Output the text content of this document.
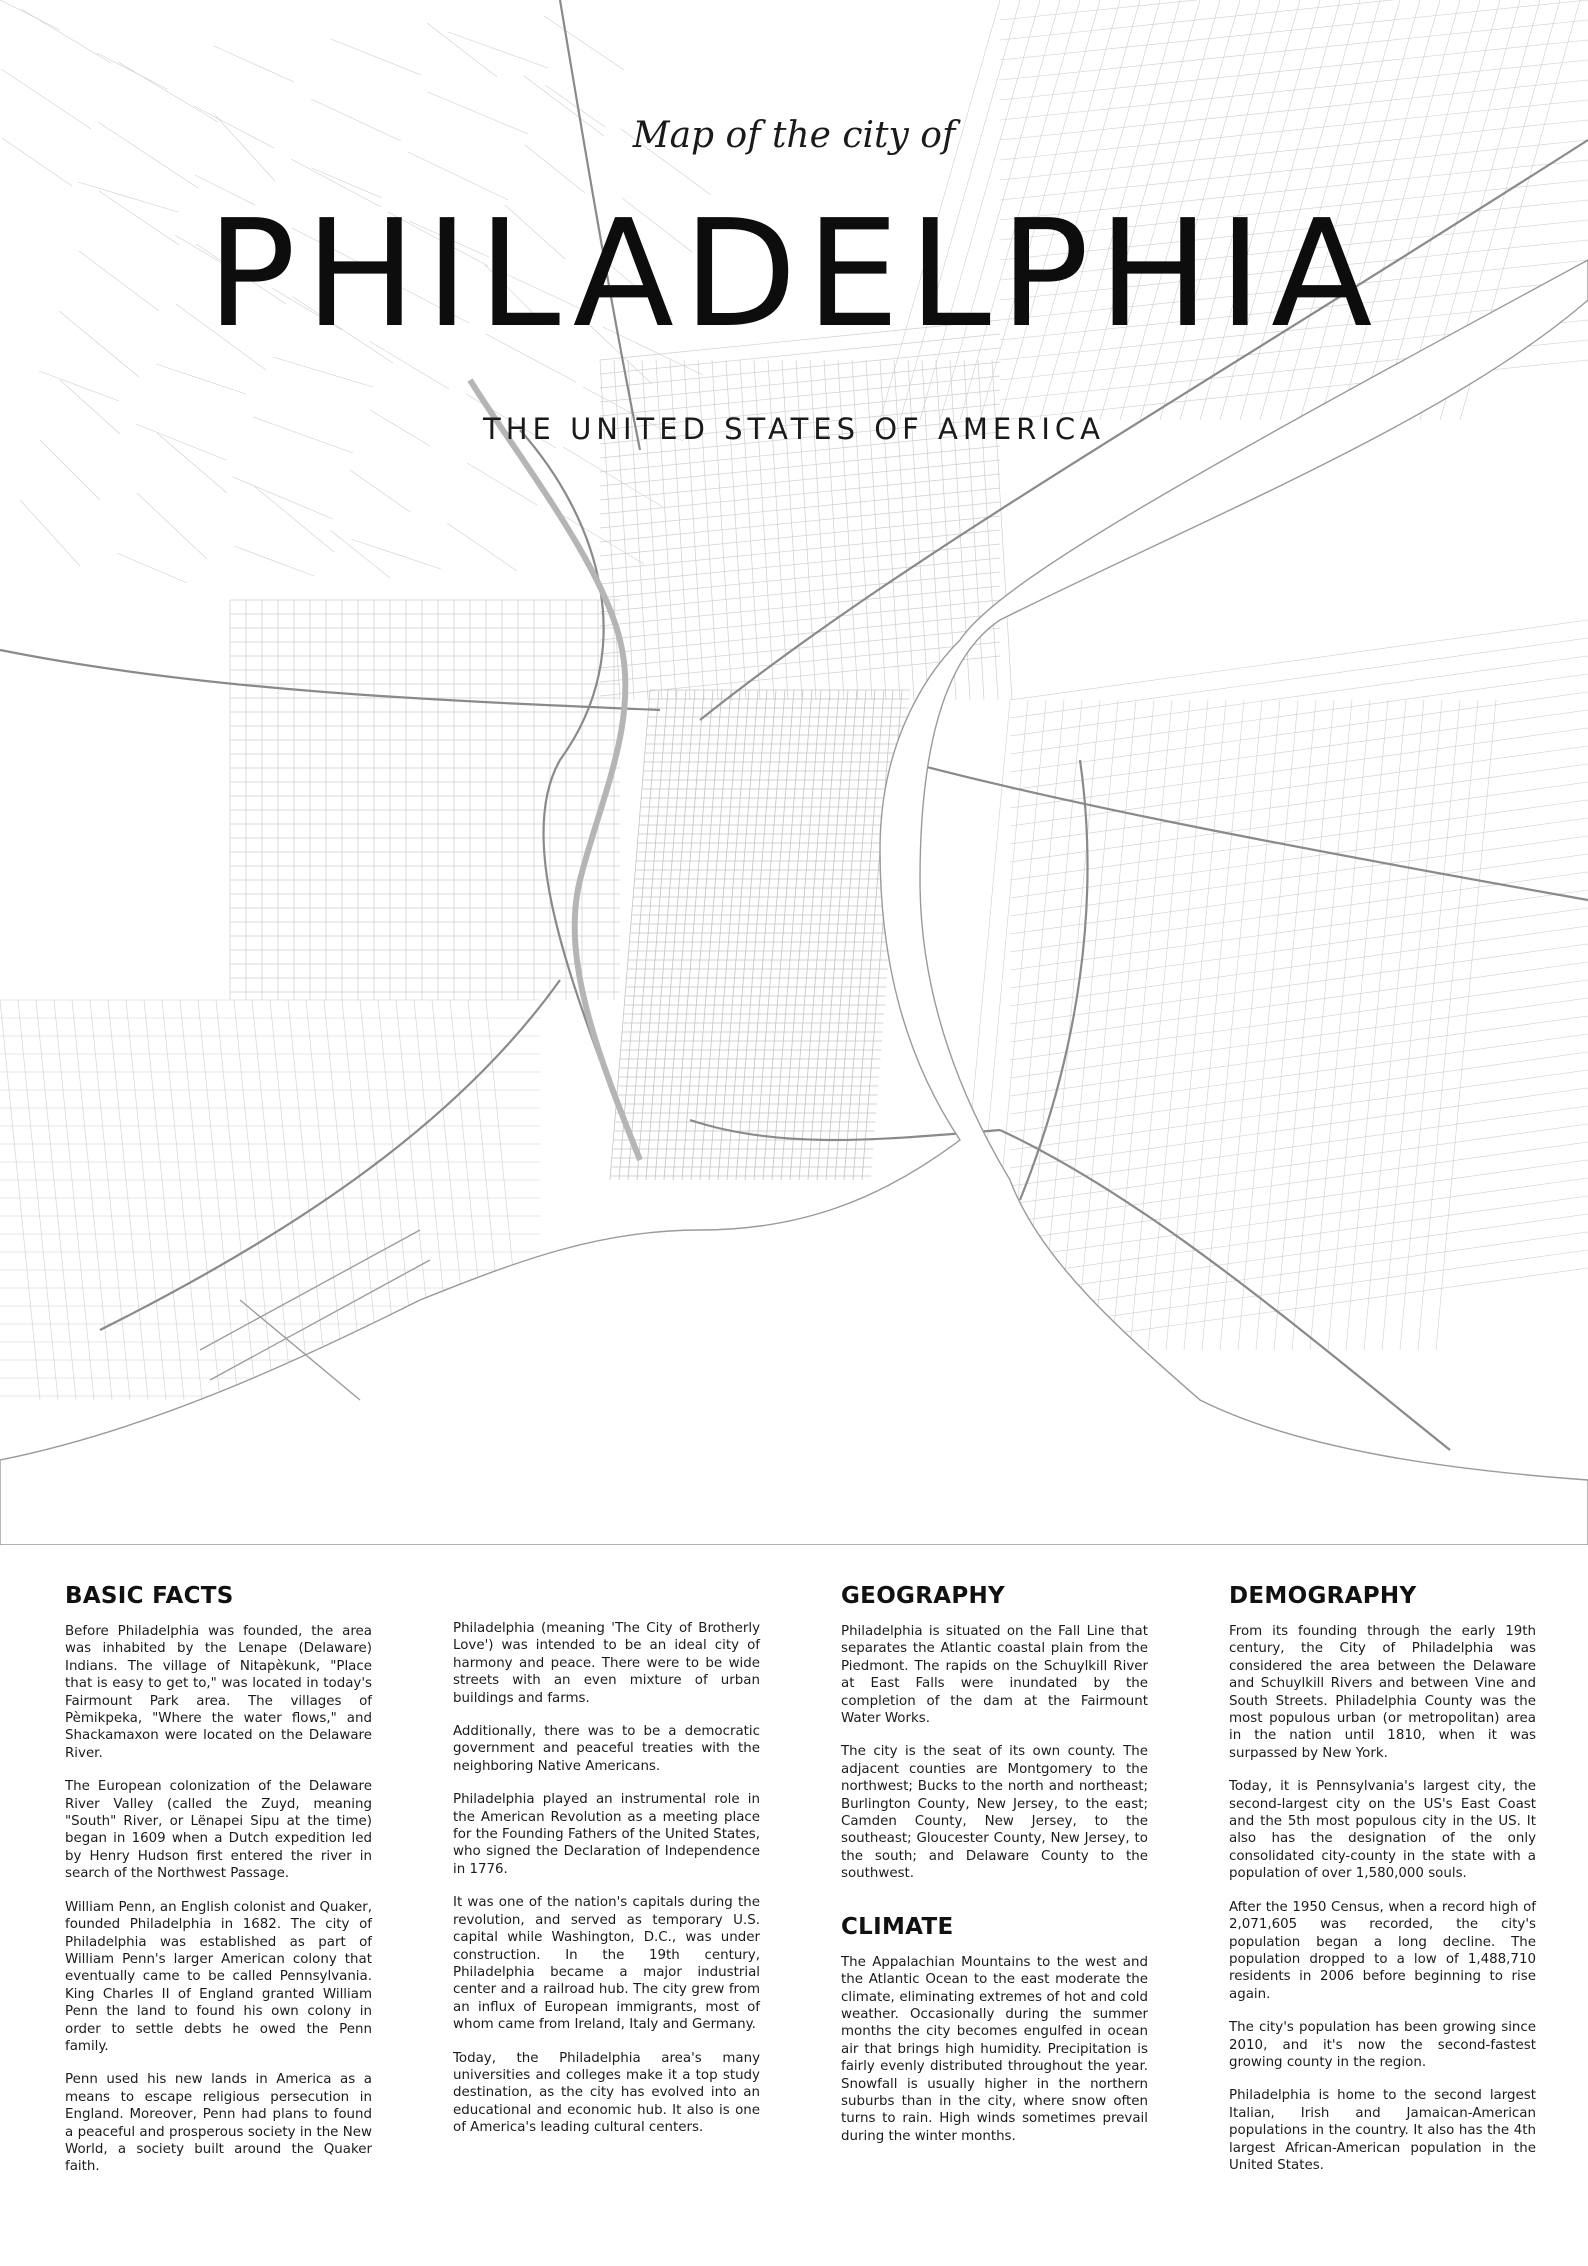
Map of the city of
PHILADELPHIA
THE UNITED STATES OF AMERICA
BASIC FACTS

Before Philadelphia was founded, the area was inhabited by the Lenape (Delaware) Indians. The village of Nitapèkunk, "Place that is easy to get to," was located in today's Fairmount Park area. The villages of Pèmikpeka, "Where the water flows," and Shackamaxon were located on the Delaware River.

The European colonization of the Delaware River Valley (called the Zuyd, meaning "South" River, or Lënapei Sipu at the time) began in 1609 when a Dutch expedition led by Henry Hudson first entered the river in search of the Northwest Passage.

William Penn, an English colonist and Quaker, founded Philadelphia in 1682. The city of Philadelphia was established as part of William Penn's larger American colony that eventually came to be called Pennsylvania. King Charles II of England granted William Penn the land to found his own colony in order to settle debts he owed the Penn family.

Penn used his new lands in America as a means to escape religious persecution in England. Moreover, Penn had plans to found a peaceful and prosperous society in the New World, a society built around the Quaker faith.

Philadelphia (meaning 'The City of Brotherly Love') was intended to be an ideal city of harmony and peace. There were to be wide streets with an even mixture of urban buildings and farms.

Additionally, there was to be a democratic government and peaceful treaties with the neighboring Native Americans.

Philadelphia played an instrumental role in the American Revolution as a meeting place for the Founding Fathers of the United States, who signed the Declaration of Independence in 1776.

It was one of the nation's capitals during the revolution, and served as temporary U.S. capital while Washington, D.C., was under construction. In the 19th century, Philadelphia became a major industrial center and a railroad hub. The city grew from an influx of European immigrants, most of whom came from Ireland, Italy and Germany.

Today, the Philadelphia area's many universities and colleges make it a top study destination, as the city has evolved into an educational and economic hub. It also is one of America's leading cultural centers.

GEOGRAPHY

Philadelphia is situated on the Fall Line that separates the Atlantic coastal plain from the Piedmont. The rapids on the Schuylkill River at East Falls were inundated by the completion of the dam at the Fairmount Water Works.

The city is the seat of its own county. The adjacent counties are Montgomery to the northwest; Bucks to the north and northeast; Burlington County, New Jersey, to the east; Camden County, New Jersey, to the southeast; Gloucester County, New Jersey, to the south; and Delaware County to the southwest.

CLIMATE

The Appalachian Mountains to the west and the Atlantic Ocean to the east moderate the climate, eliminating extremes of hot and cold weather. Occasionally during the summer months the city becomes engulfed in ocean air that brings high humidity. Precipitation is fairly evenly distributed throughout the year. Snowfall is usually higher in the northern suburbs than in the city, where snow often turns to rain. High winds sometimes prevail during the winter months.

DEMOGRAPHY

From its founding through the early 19th century, the City of Philadelphia was considered the area between the Delaware and Schuylkill Rivers and between Vine and South Streets. Philadelphia County was the most populous urban (or metropolitan) area in the nation until 1810, when it was surpassed by New York.

Today, it is Pennsylvania's largest city, the second-largest city on the US's East Coast and the 5th most populous city in the US. It also has the designation of the only consolidated city-county in the state with a population of over 1,580,000 souls.

After the 1950 Census, when a record high of 2,071,605 was recorded, the city's population began a long decline. The population dropped to a low of 1,488,710 residents in 2006 before beginning to rise again.

The city's population has been growing since 2010, and it's now the second-fastest growing county in the region.

Philadelphia is home to the second largest Italian, Irish and Jamaican-American populations in the country. It also has the 4th largest African-American population in the United States.
